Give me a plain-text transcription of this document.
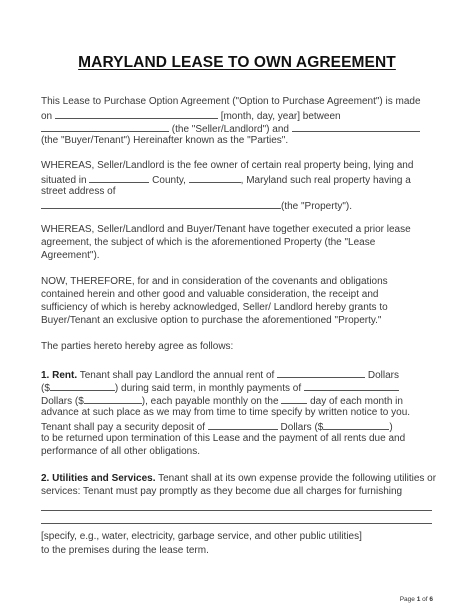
MARYLAND LEASE TO OWN AGREEMENT
This Lease to Purchase Option Agreement ("Option to Purchase Agreement") is made
on	[month, day, year] between
(the "Seller/Landlord") and
(the "Buyer/Tenant") Hereinafter known as the "Parties".
WHEREAS, Seller/Landlord is the fee owner of certain real property being, lying and
situated in	County,	, Maryland such real property having a
street address of
(the "Property").
WHEREAS, Seller/Landlord and Buyer/Tenant have together executed a prior lease
agreement, the subject of which is the aforementioned Property (the "Lease
Agreement").
NOW, THEREFORE, for and in consideration of the covenants and obligations
contained herein and other good and valuable consideration, the receipt and
sufficiency of which is hereby acknowledged, Seller/ Landlord hereby grants to
Buyer/Tenant an exclusive option to purchase the aforementioned "Property."
The parties hereto hereby agree as follows:
1. Rent. Tenant shall pay Landlord the annual rent of	Dollars
($	) during said term, in monthly payments of
Dollars ($	), each payable monthly on the	day of each month in
advance at such place as we may from time to time specify by written notice to you.
Tenant shall pay a security deposit of	Dollars ($	)
to be returned upon termination of this Lease and the payment of all rents due and
performance of all other obligations.
2. Utilities and Services. Tenant shall at its own expense provide the following utilities or
services: Tenant must pay promptly as they become due all charges for furnishing
[specify, e.g., water, electricity, garbage service, and other public utilities]
to the premises during the lease term.
Page 1 of 6
